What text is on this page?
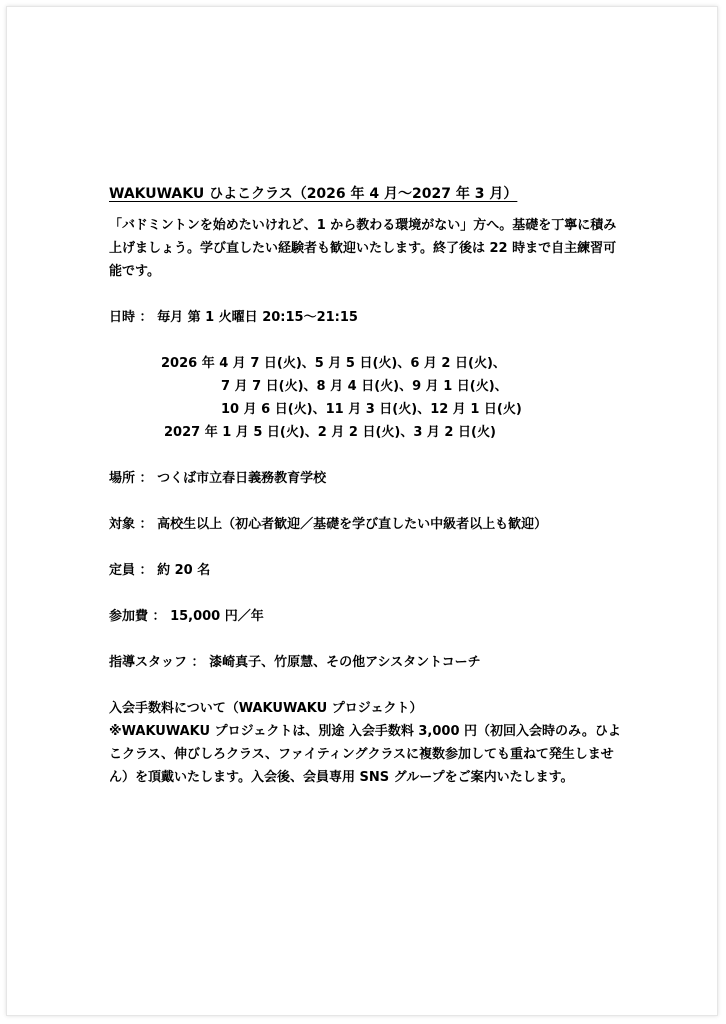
WAKUWAKU ひよこクラス（2026 年 4 月～2027 年 3 月）

「バドミントンを始めたいけれど、1 から教わる環境がない」方へ。基礎を丁寧に積み上げましょう。学び直したい経験者も歓迎いたします。終了後は 22 時まで自主練習可能です。

日時 ： 毎月 第 1 火曜日 20:15～21:15
2026 年 4 月 7 日(火)、5 月 5 日(火)、6 月 2 日(火)、
7 月 7 日(火)、8 月 4 日(火)、9 月 1 日(火)、
10 月 6 日(火)、11 月 3 日(火)、12 月 1 日(火)
2027 年 1 月 5 日(火)、2 月 2 日(火)、3 月 2 日(火)
場所 ： つくば市立春日義務教育学校
対象 ： 高校生以上（初心者歓迎／基礎を学び直したい中級者以上も歓迎）
定員 ： 約 20 名
参加費 ： 15,000 円／年
指導スタッフ ： 漆崎真子、竹原慧、その他アシスタントコーチ

入会手数料について（WAKUWAKU プロジェクト）

※WAKUWAKU プロジェクトは、別途 入会手数料 3,000 円（初回入会時のみ。ひよこクラス、伸びしろクラス、ファイティングクラスに複数参加しても重ねて発生しません）を頂戴いたします。入会後、会員専用 SNS グループをご案内いたします。
